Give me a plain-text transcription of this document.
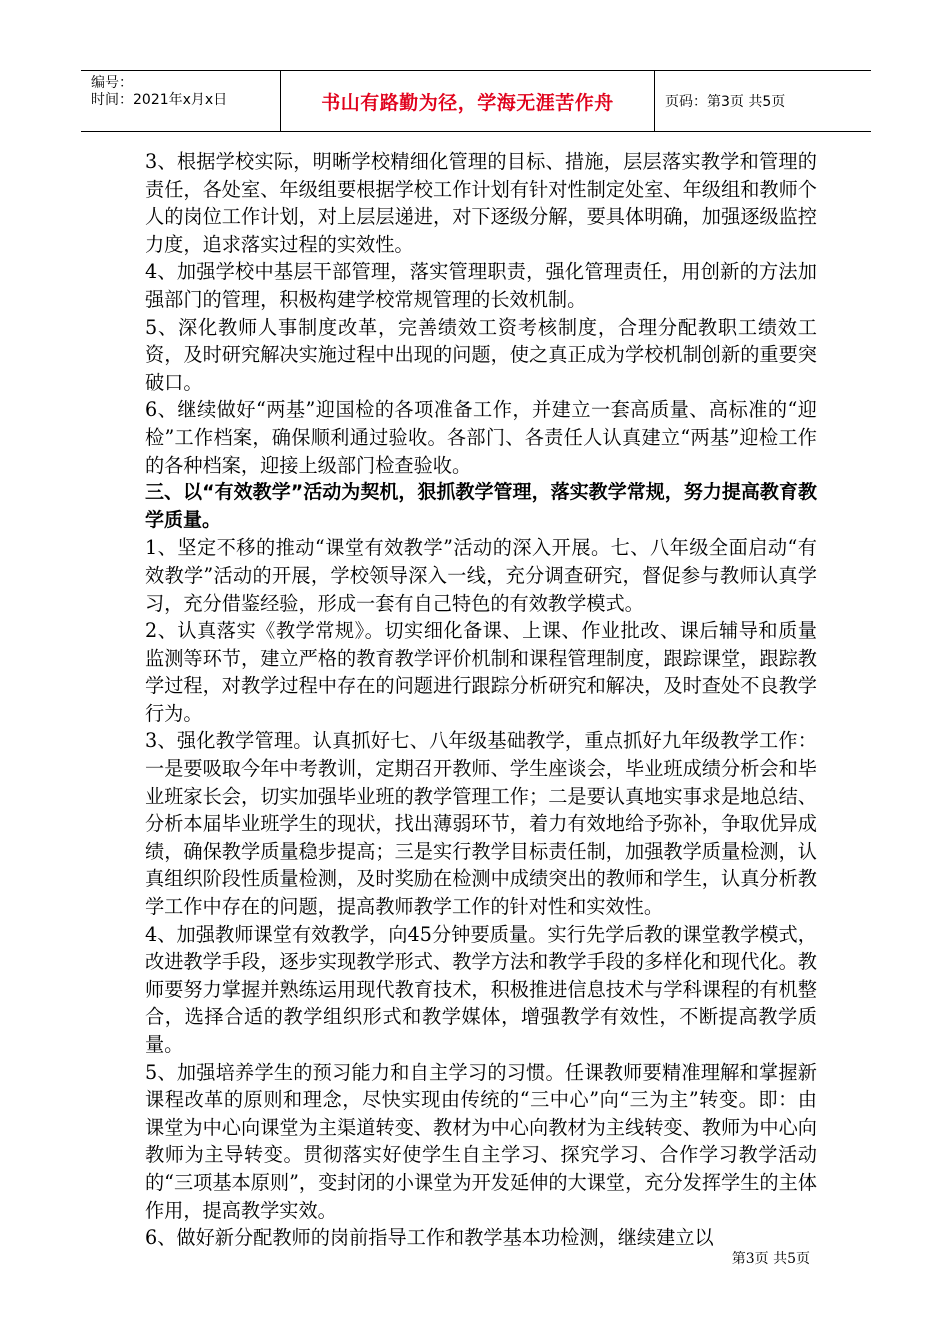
编号：
时间：2021年x月x日	书山有路勤为径，学海无涯苦作舟	页码：第3页 共5页

3、根据学校实际，明晰学校精细化管理的目标、措施，层层落实教学和管理的责任，各处室、年级组要根据学校工作计划有针对性制定处室、年级组和教师个人的岗位工作计划，对上层层递进，对下逐级分解，要具体明确，加强逐级监控力度，追求落实过程的实效性。

4、加强学校中基层干部管理，落实管理职责，强化管理责任，用创新的方法加强部门的管理，积极构建学校常规管理的长效机制。

5、深化教师人事制度改革，完善绩效工资考核制度，合理分配教职工绩效工资，及时研究解决实施过程中出现的问题，使之真正成为学校机制创新的重要突破口。

6、继续做好“两基”迎国检的各项准备工作，并建立一套高质量、高标准的“迎检”工作档案，确保顺利通过验收。各部门、各责任人认真建立“两基”迎检工作的各种档案，迎接上级部门检查验收。

三、以“有效教学”活动为契机，狠抓教学管理，落实教学常规，努力提高教育教学质量。

1、坚定不移的推动“课堂有效教学”活动的深入开展。七、八年级全面启动“有效教学”活动的开展，学校领导深入一线，充分调查研究，督促参与教师认真学习，充分借鉴经验，形成一套有自己特色的有效教学模式。

2、认真落实《教学常规》。切实细化备课、上课、作业批改、课后辅导和质量监测等环节，建立严格的教育教学评价机制和课程管理制度，跟踪课堂，跟踪教学过程，对教学过程中存在的问题进行跟踪分析研究和解决，及时查处不良教学行为。

3、强化教学管理。认真抓好七、八年级基础教学，重点抓好九年级教学工作：一是要吸取今年中考教训，定期召开教师、学生座谈会，毕业班成绩分析会和毕业班家长会，切实加强毕业班的教学管理工作；二是要认真地实事求是地总结、分析本届毕业班学生的现状，找出薄弱环节，着力有效地给予弥补，争取优异成绩，确保教学质量稳步提高；三是实行教学目标责任制，加强教学质量检测，认真组织阶段性质量检测，及时奖励在检测中成绩突出的教师和学生，认真分析教学工作中存在的问题，提高教师教学工作的针对性和实效性。

4、加强教师课堂有效教学，向45分钟要质量。实行先学后教的课堂教学模式，改进教学手段，逐步实现教学形式、教学方法和教学手段的多样化和现代化。教师要努力掌握并熟练运用现代教育技术，积极推进信息技术与学科课程的有机整合，选择合适的教学组织形式和教学媒体，增强教学有效性，不断提高教学质量。

5、加强培养学生的预习能力和自主学习的习惯。任课教师要精准理解和掌握新课程改革的原则和理念，尽快实现由传统的“三中心”向“三为主”转变。即：由课堂为中心向课堂为主渠道转变、教材为中心向教材为主线转变、教师为中心向教师为主导转变。贯彻落实好使学生自主学习、探究学习、合作学习教学活动的“三项基本原则”，变封闭的小课堂为开发延伸的大课堂，充分发挥学生的主体作用，提高教学实效。

6、做好新分配教师的岗前指导工作和教学基本功检测，继续建立以

第3页 共5页
